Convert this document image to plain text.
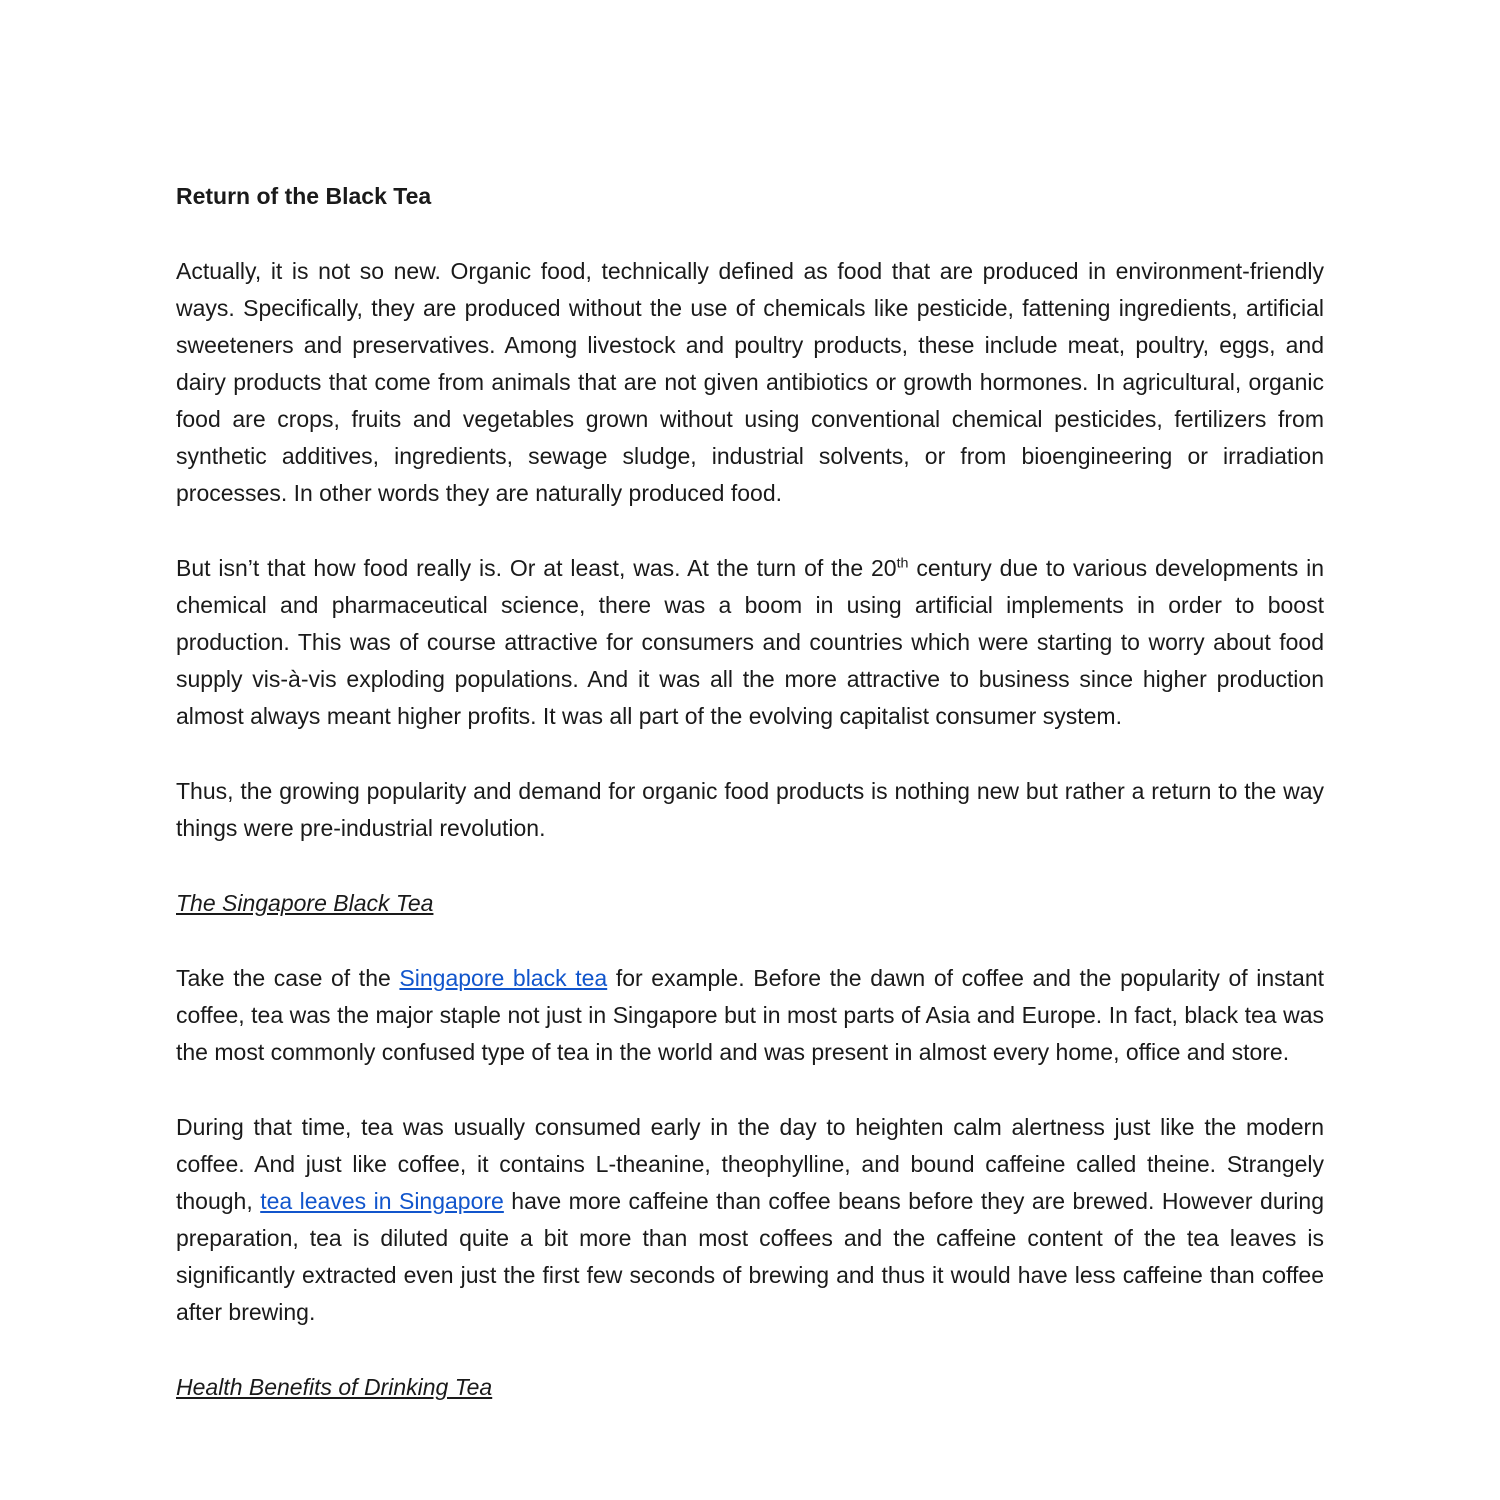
Return of the Black Tea

Actually, it is not so new. Organic food, technically defined as food that are produced in environment-friendly ways. Specifically, they are produced without the use of chemicals like pesticide, fattening ingredients, artificial sweeteners and preservatives. Among livestock and poultry products, these include meat, poultry, eggs, and dairy products that come from animals that are not given antibiotics or growth hormones. In agricultural, organic food are crops, fruits and vegetables grown without using conventional chemical pesticides, fertilizers from synthetic additives, ingredients, sewage sludge, industrial solvents, or from bioengineering or irradiation processes. In other words they are naturally produced food.

But isn’t that how food really is. Or at least, was. At the turn of the 20th century due to various developments in chemical and pharmaceutical science, there was a boom in using artificial implements in order to boost production. This was of course attractive for consumers and countries which were starting to worry about food supply vis-à-vis exploding populations. And it was all the more attractive to business since higher production almost always meant higher profits. It was all part of the evolving capitalist consumer system.

Thus, the growing popularity and demand for organic food products is nothing new but rather a return to the way things were pre-industrial revolution.

The Singapore Black Tea

Take the case of the Singapore black tea for example. Before the dawn of coffee and the popularity of instant coffee, tea was the major staple not just in Singapore but in most parts of Asia and Europe. In fact, black tea was the most commonly confused type of tea in the world and was present in almost every home, office and store.

During that time, tea was usually consumed early in the day to heighten calm alertness just like the modern coffee. And just like coffee, it contains L-theanine, theophylline, and bound caffeine called theine. Strangely though, tea leaves in Singapore have more caffeine than coffee beans before they are brewed. However during preparation, tea is diluted quite a bit more than most coffees and the caffeine content of the tea leaves is significantly extracted even just the first few seconds of brewing and thus it would have less caffeine than coffee after brewing.

Health Benefits of Drinking Tea
